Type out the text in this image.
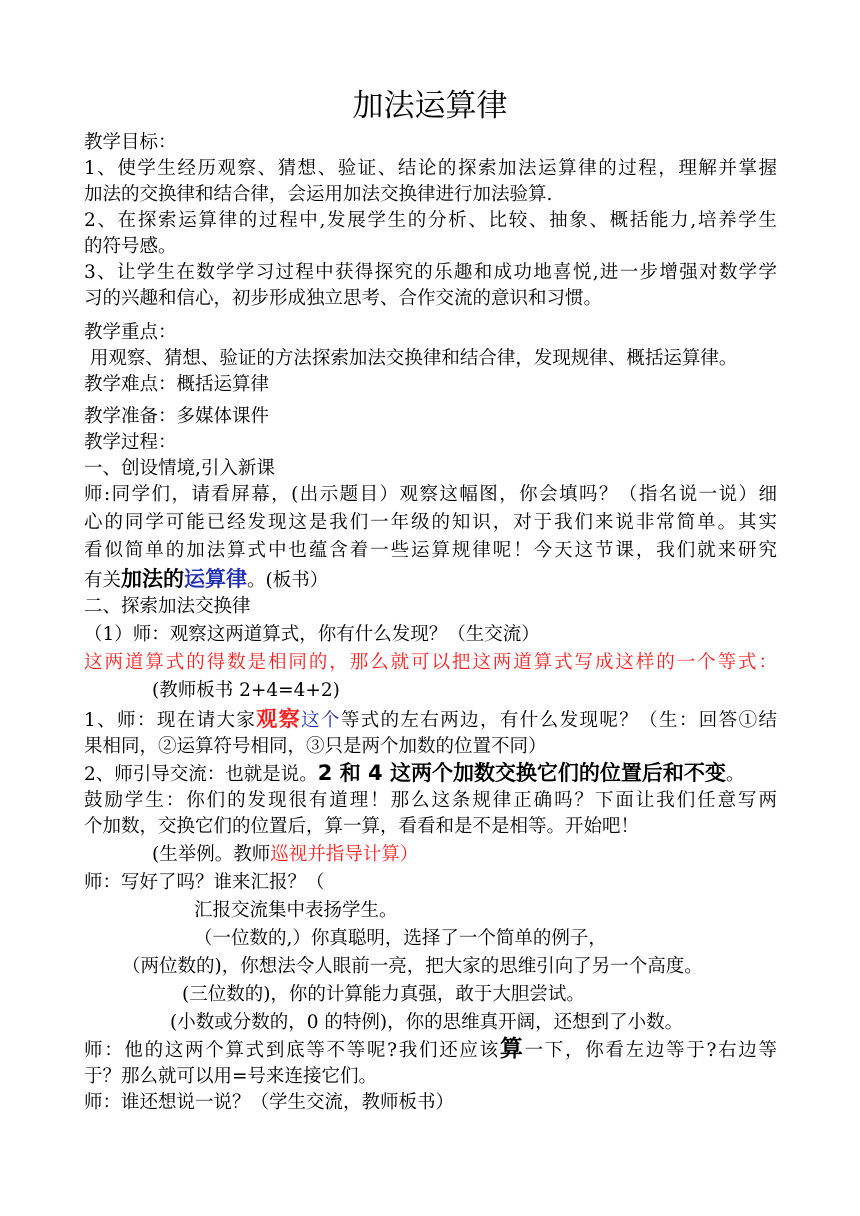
加法运算律
教学目标：
1、使学生经历观察、猜想、验证、结论的探索加法运算律的过程，理解并掌握
加法的交换律和结合律，会运用加法交换律进行加法验算.
2、在探索运算律的过程中,发展学生的分析、比较、抽象、概括能力,培养学生
的符号感。
3、让学生在数学学习过程中获得探究的乐趣和成功地喜悦,进一步增强对数学学
习的兴趣和信心，初步形成独立思考、合作交流的意识和习惯。
教学重点：
用观察、猜想、验证的方法探索加法交换律和结合律，发现规律、概括运算律。
教学难点：概括运算律
教学准备：多媒体课件
教学过程：
一、创设情境,引入新课
师:同学们，请看屏幕，(出示题目）观察这幅图，你会填吗？（指名说一说）细
心的同学可能已经发现这是我们一年级的知识，对于我们来说非常简单。其实
看似简单的加法算式中也蕴含着一些运算规律呢！今天这节课，我们就来研究
有关加法的运算律。(板书）
二、探索加法交换律
（1）师：观察这两道算式，你有什么发现？（生交流）
这两道算式的得数是相同的，那么就可以把这两道算式写成这样的一个等式：
(教师板书 2+4=4+2)
1、师：现在请大家观察这个等式的左右两边，有什么发现呢？（生：回答①结
果相同，②运算符号相同，③只是两个加数的位置不同）
2、师引导交流：也就是说。2 和 4 这两个加数交换它们的位置后和不变。
鼓励学生：你们的发现很有道理！那么这条规律正确吗？下面让我们任意写两
个加数，交换它们的位置后，算一算，看看和是不是相等。开始吧！
(生举例。教师巡视并指导计算）
师：写好了吗？谁来汇报？（
汇报交流集中表扬学生。
（一位数的,）你真聪明，选择了一个简单的例子，
（两位数的)，你想法令人眼前一亮，把大家的思维引向了另一个高度。
(三位数的)，你的计算能力真强，敢于大胆尝试。
(小数或分数的，0 的特例)，你的思维真开阔，还想到了小数。
师：他的这两个算式到底等不等呢?我们还应该算一下，你看左边等于?右边等
于？那么就可以用=号来连接它们。
师：谁还想说一说？（学生交流，教师板书）
